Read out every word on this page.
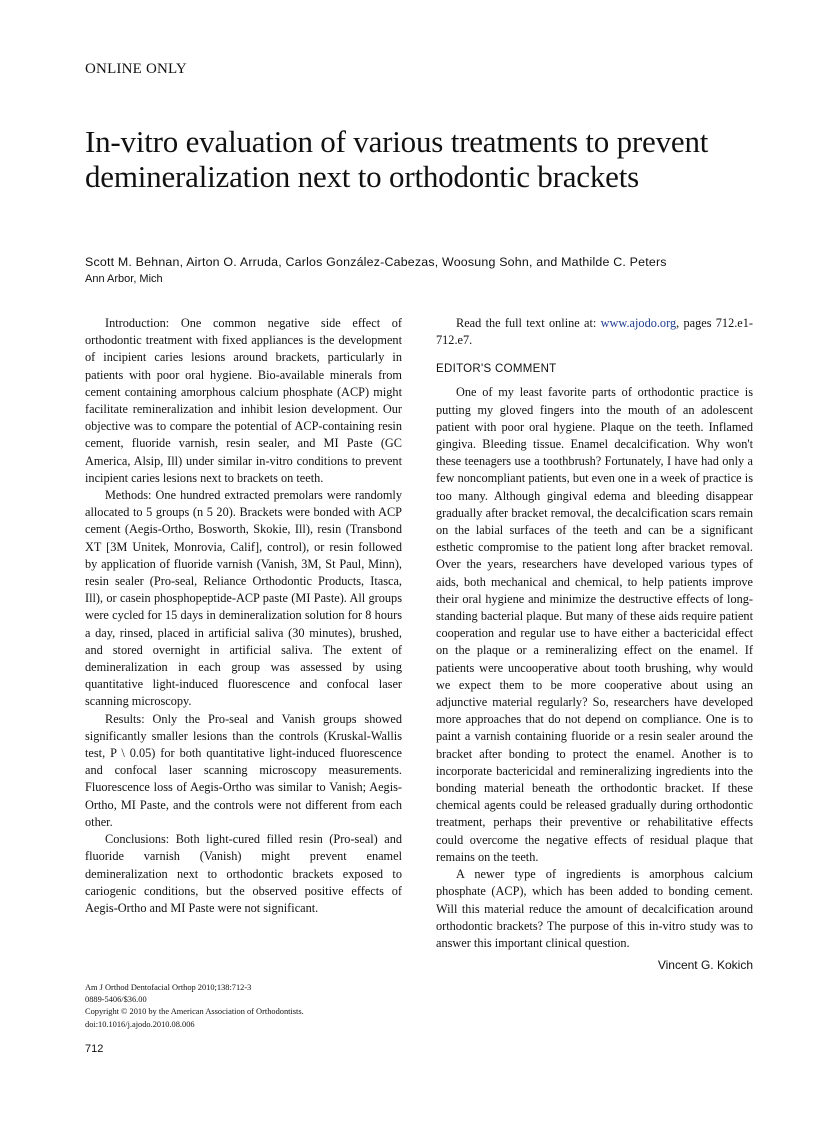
ONLINE ONLY
In-vitro evaluation of various treatments to prevent demineralization next to orthodontic brackets
Scott M. Behnan, Airton O. Arruda, Carlos González-Cabezas, Woosung Sohn, and Mathilde C. Peters
Ann Arbor, Mich

Introduction: One common negative side effect of orthodontic treatment with fixed appliances is the development of incipient caries lesions around brackets, particularly in patients with poor oral hygiene. Bio-available minerals from cement containing amorphous calcium phosphate (ACP) might facilitate remineralization and inhibit lesion development. Our objective was to compare the potential of ACP-containing resin cement, fluoride varnish, resin sealer, and MI Paste (GC America, Alsip, Ill) under similar in-vitro conditions to prevent incipient caries lesions next to brackets on teeth.

Methods: One hundred extracted premolars were randomly allocated to 5 groups (n 5 20). Brackets were bonded with ACP cement (Aegis-Ortho, Bosworth, Skokie, Ill), resin (Transbond XT [3M Unitek, Monrovia, Calif], control), or resin followed by application of fluoride varnish (Vanish, 3M, St Paul, Minn), resin sealer (Pro-seal, Reliance Orthodontic Products, Itasca, Ill), or casein phosphopeptide-ACP paste (MI Paste). All groups were cycled for 15 days in demineralization solution for 8 hours a day, rinsed, placed in artificial saliva (30 minutes), brushed, and stored overnight in artificial saliva. The extent of demineralization in each group was assessed by using quantitative light-induced fluorescence and confocal laser scanning microscopy.

Results: Only the Pro-seal and Vanish groups showed significantly smaller lesions than the controls (Kruskal-Wallis test, P \ 0.05) for both quantitative light-induced fluorescence and confocal laser scanning microscopy measurements. Fluorescence loss of Aegis-Ortho was similar to Vanish; Aegis-Ortho, MI Paste, and the controls were not different from each other.

Conclusions: Both light-cured filled resin (Pro-seal) and fluoride varnish (Vanish) might prevent enamel demineralization next to orthodontic brackets exposed to cariogenic conditions, but the observed positive effects of Aegis-Ortho and MI Paste were not significant.

Read the full text online at: www.ajodo.org, pages 712.e1-712.e7.

EDITOR'S COMMENT

One of my least favorite parts of orthodontic practice is putting my gloved fingers into the mouth of an adolescent patient with poor oral hygiene. Plaque on the teeth. Inflamed gingiva. Bleeding tissue. Enamel decalcification. Why won't these teenagers use a toothbrush? Fortunately, I have had only a few noncompliant patients, but even one in a week of practice is too many. Although gingival edema and bleeding disappear gradually after bracket removal, the decalcification scars remain on the labial surfaces of the teeth and can be a significant esthetic compromise to the patient long after bracket removal. Over the years, researchers have developed various types of aids, both mechanical and chemical, to help patients improve their oral hygiene and minimize the destructive effects of long-standing bacterial plaque. But many of these aids require patient cooperation and regular use to have either a bactericidal effect on the plaque or a remineralizing effect on the enamel. If patients were uncooperative about tooth brushing, why would we expect them to be more cooperative about using an adjunctive material regularly? So, researchers have developed more approaches that do not depend on compliance. One is to paint a varnish containing fluoride or a resin sealer around the bracket after bonding to protect the enamel. Another is to incorporate bactericidal and remineralizing ingredients into the bonding material beneath the orthodontic bracket. If these chemical agents could be released gradually during orthodontic treatment, perhaps their preventive or rehabilitative effects could overcome the negative effects of residual plaque that remains on the teeth.

A newer type of ingredients is amorphous calcium phosphate (ACP), which has been added to bonding cement. Will this material reduce the amount of decalcification around orthodontic brackets? The purpose of this in-vitro study was to answer this important clinical question.

Vincent G. Kokich
Am J Orthod Dentofacial Orthop 2010;138:712-3
0889-5406/$36.00
Copyright © 2010 by the American Association of Orthodontists.
doi:10.1016/j.ajodo.2010.08.006
712
